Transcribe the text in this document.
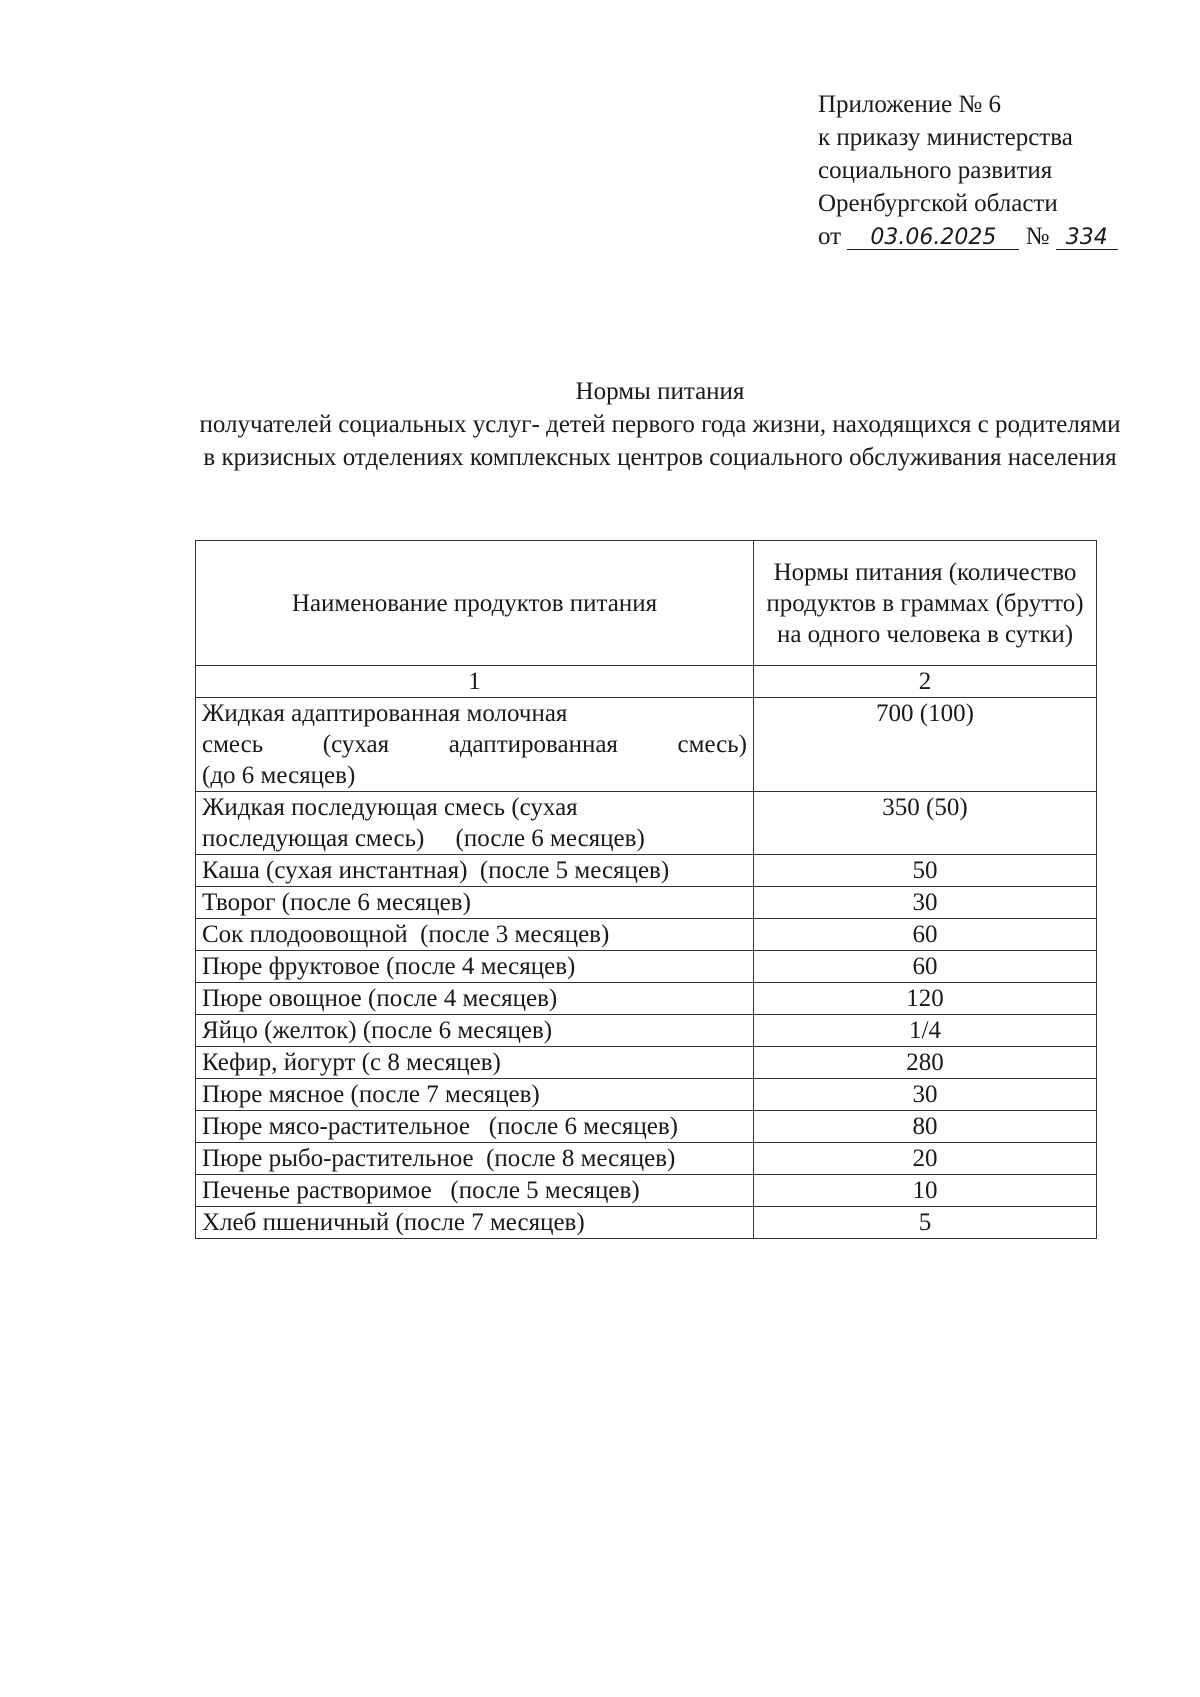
Приложение № 6
к приказу министерства
социального развития
Оренбургской области
от 03.06.2025 № 334
Нормы питания
получателей социальных услуг- детей первого года жизни, находящихся с родителями в кризисных отделениях комплексных центров социального обслуживания населения
Наименование продуктов питания	Нормы питания (количество продуктов в граммах (брутто) на одного человека в сутки)
1	2

Жидкая адаптированная молочная
смесь (сухая адаптированная смесь)
(до 6 месяцев)	700 (100)

Жидкая последующая смесь (сухая
последующая смесь)     (после 6 месяцев)	350 (50)
Каша (сухая инстантная)  (после 5 месяцев)	50
Творог (после 6 месяцев)	30
Сок плодоовощной  (после 3 месяцев)	60
Пюре фруктовое (после 4 месяцев)	60
Пюре овощное (после 4 месяцев)	120
Яйцо (желток) (после 6 месяцев)	1/4
Кефир, йогурт (с 8 месяцев)	280
Пюре мясное (после 7 месяцев)	30
Пюре мясо-растительное   (после 6 месяцев)	80
Пюре рыбо-растительное  (после 8 месяцев)	20
Печенье растворимое   (после 5 месяцев)	10
Хлеб пшеничный (после 7 месяцев)	5
